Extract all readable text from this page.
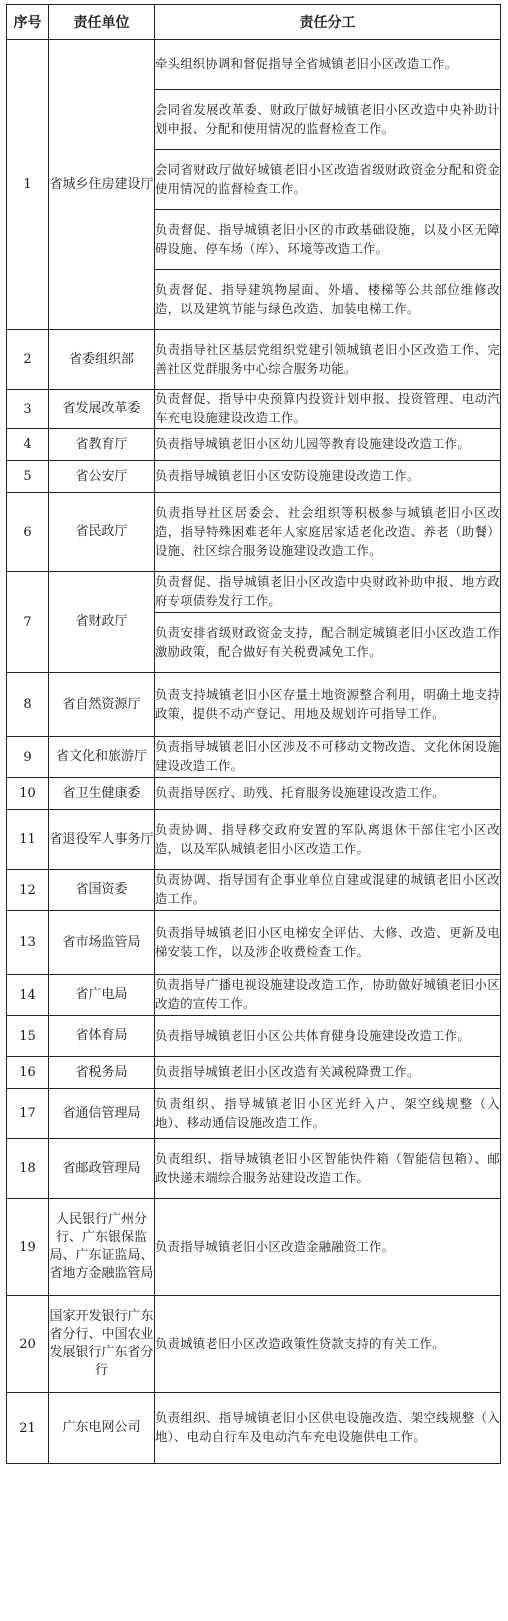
序号	责任单位	责任分工
1	省城乡住房建设厅	牵头组织协调和督促指导全省城镇老旧小区改造工作。
		会同省发展改革委、财政厅做好城镇老旧小区改造中央补助计划申报、分配和使用情况的监督检查工作。
		会同省财政厅做好城镇老旧小区改造省级财政资金分配和资金使用情况的监督检查工作。
		负责督促、指导城镇老旧小区的市政基础设施，以及小区无障碍设施、停车场（库）、环境等改造工作。
		负责督促、指导建筑物屋面、外墙、楼梯等公共部位维修改造，以及建筑节能与绿色改造、加装电梯工作。
2	省委组织部	负责指导社区基层党组织党建引领城镇老旧小区改造工作、完善社区党群服务中心综合服务功能。
3	省发展改革委	负责督促、指导中央预算内投资计划申报、投资管理、电动汽车充电设施建设改造工作。
4	省教育厅	负责指导城镇老旧小区幼儿园等教育设施建设改造工作。
5	省公安厅	负责指导城镇老旧小区安防设施建设改造工作。
6	省民政厅	负责指导社区居委会、社会组织等积极参与城镇老旧小区改造，指导特殊困难老年人家庭居家适老化改造、养老（助餐）设施、社区综合服务设施建设改造工作。
7	省财政厅	负责督促、指导城镇老旧小区改造中央财政补助申报、地方政府专项债券发行工作。
		负责安排省级财政资金支持，配合制定城镇老旧小区改造工作激励政策，配合做好有关税费减免工作。
8	省自然资源厅	负责支持城镇老旧小区存量土地资源整合利用，明确土地支持政策，提供不动产登记、用地及规划许可指导工作。
9	省文化和旅游厅	负责指导城镇老旧小区涉及不可移动文物改造、文化休闲设施建设改造工作。
10	省卫生健康委	负责指导医疗、助残、托育服务设施建设改造工作。
11	省退役军人事务厅	负责协调、指导移交政府安置的军队离退休干部住宅小区改造，以及军队城镇老旧小区改造工作。
12	省国资委	负责协调、指导国有企事业单位自建或混建的城镇老旧小区改造工作。
13	省市场监管局	负责指导城镇老旧小区电梯安全评估、大修、改造、更新及电梯安装工作，以及涉企收费检查工作。
14	省广电局	负责指导广播电视设施建设改造工作，协助做好城镇老旧小区改造的宣传工作。
15	省体育局	负责指导城镇老旧小区公共体育健身设施建设改造工作。
16	省税务局	负责指导城镇老旧小区改造有关减税降费工作。
17	省通信管理局	负责组织、指导城镇老旧小区光纤入户、架空线规整（入地）、移动通信设施改造工作。
18	省邮政管理局	负责组织、指导城镇老旧小区智能快件箱（智能信包箱）、邮政快递末端综合服务站建设改造工作。
19	人民银行广州分行、广东银保监局、广东证监局、省地方金融监管局	负责指导城镇老旧小区改造金融融资工作。
20	国家开发银行广东省分行、中国农业发展银行广东省分行	负责城镇老旧小区改造政策性贷款支持的有关工作。
21	广东电网公司	负责组织、指导城镇老旧小区供电设施改造、架空线规整（入地）、电动自行车及电动汽车充电设施供电工作。
